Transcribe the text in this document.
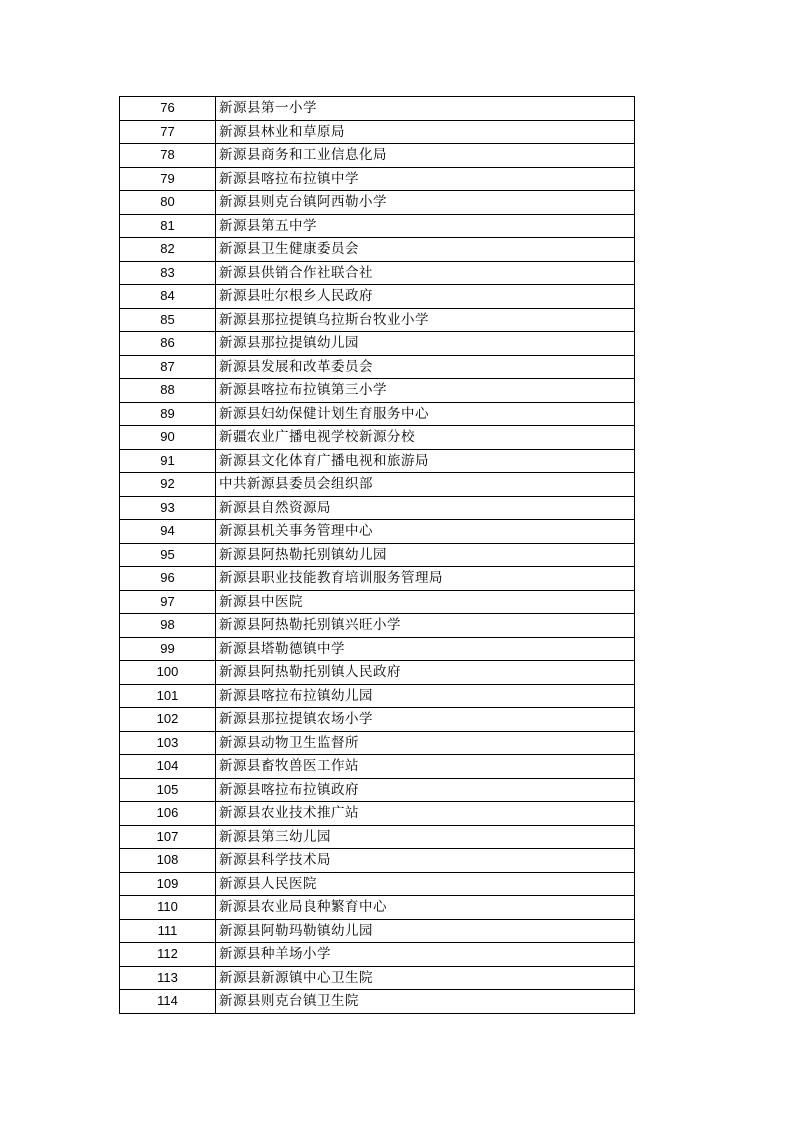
76	新源县第一小学
77	新源县林业和草原局
78	新源县商务和工业信息化局
79	新源县喀拉布拉镇中学
80	新源县则克台镇阿西勒小学
81	新源县第五中学
82	新源县卫生健康委员会
83	新源县供销合作社联合社
84	新源县吐尔根乡人民政府
85	新源县那拉提镇乌拉斯台牧业小学
86	新源县那拉提镇幼儿园
87	新源县发展和改革委员会
88	新源县喀拉布拉镇第三小学
89	新源县妇幼保健计划生育服务中心
90	新疆农业广播电视学校新源分校
91	新源县文化体育广播电视和旅游局
92	中共新源县委员会组织部
93	新源县自然资源局
94	新源县机关事务管理中心
95	新源县阿热勒托别镇幼儿园
96	新源县职业技能教育培训服务管理局
97	新源县中医院
98	新源县阿热勒托别镇兴旺小学
99	新源县塔勒德镇中学
100	新源县阿热勒托别镇人民政府
101	新源县喀拉布拉镇幼儿园
102	新源县那拉提镇农场小学
103	新源县动物卫生监督所
104	新源县畜牧兽医工作站
105	新源县喀拉布拉镇政府
106	新源县农业技术推广站
107	新源县第三幼儿园
108	新源县科学技术局
109	新源县人民医院
110	新源县农业局良种繁育中心
111	新源县阿勒玛勒镇幼儿园
112	新源县种羊场小学
113	新源县新源镇中心卫生院
114	新源县则克台镇卫生院
